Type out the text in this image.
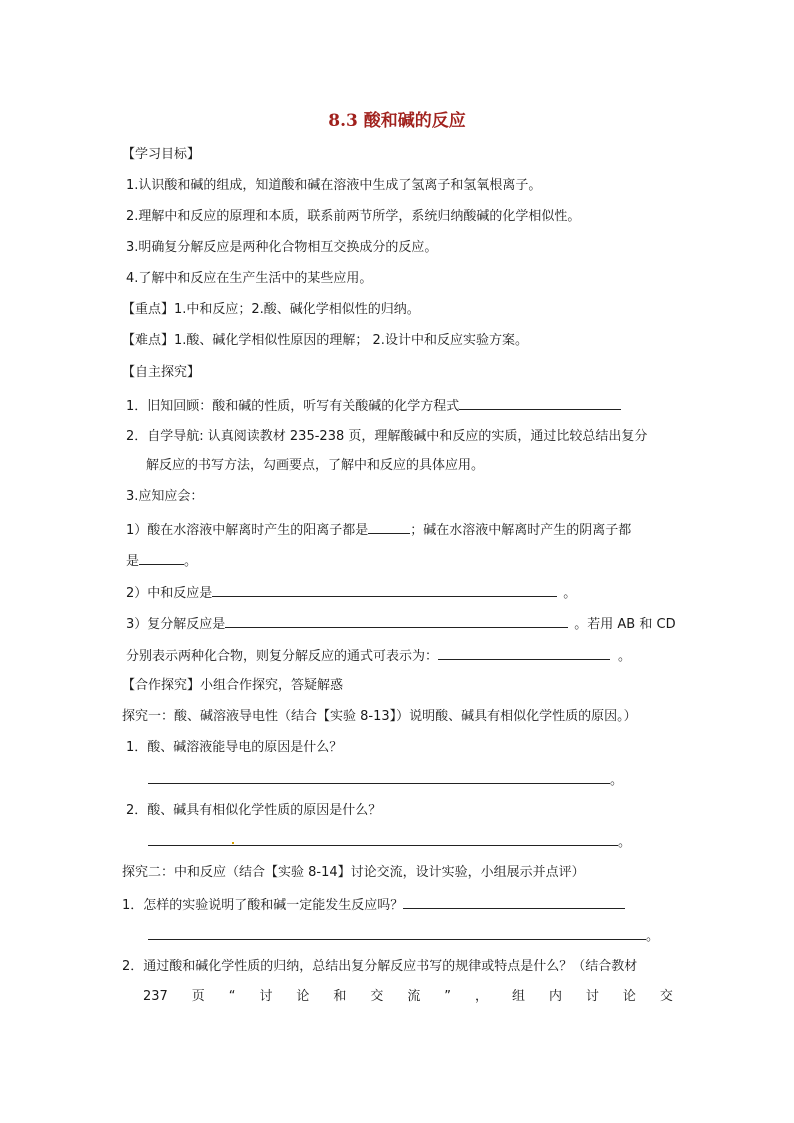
8.3 酸和碱的反应
【学习目标】
1.认识酸和碱的组成，知道酸和碱在溶液中生成了氢离子和氢氧根离子。
2.理解中和反应的原理和本质，联系前两节所学，系统归纳酸碱的化学相似性。
3.明确复分解反应是两种化合物相互交换成分的反应。
4.了解中和反应在生产生活中的某些应用。
【重点】1.中和反应；2.酸、碱化学相似性的归纳。
【难点】1.酸、碱化学相似性原因的理解； 2.设计中和反应实验方案。
【自主探究】
1．旧知回顾：酸和碱的性质，听写有关酸碱的化学方程式
2．自学导航: 认真阅读教材 235-238 页，理解酸碱中和反应的实质，通过比较总结出复分
解反应的书写方法，勾画要点，了解中和反应的具体应用。
3.应知应会：
1）酸在水溶液中解离时产生的阳离子都是	；碱在水溶液中解离时产生的阴离子都
是	。
2）中和反应是	。
3）复分解反应是	。若用 AB 和 CD
分别表示两种化合物，则复分解反应的通式可表示为：	。
【合作探究】小组合作探究，答疑解惑
探究一：酸、碱溶液导电性（结合【实验 8-13】）说明酸、碱具有相似化学性质的原因。）
1．酸、碱溶液能导电的原因是什么？
。
2．酸、碱具有相似化学性质的原因是什么？
。
探究二：中和反应（结合【实验 8-14】讨论交流，设计实验，小组展示并点评）
1．怎样的实验说明了酸和碱一定能发生反应吗？
。
2．通过酸和碱化学性质的归纳，总结出复分解反应书写的规律或特点是什么？（结合教材
237 页 “ 讨 论 和 交 流 ” ， 组 内 讨 论 交
